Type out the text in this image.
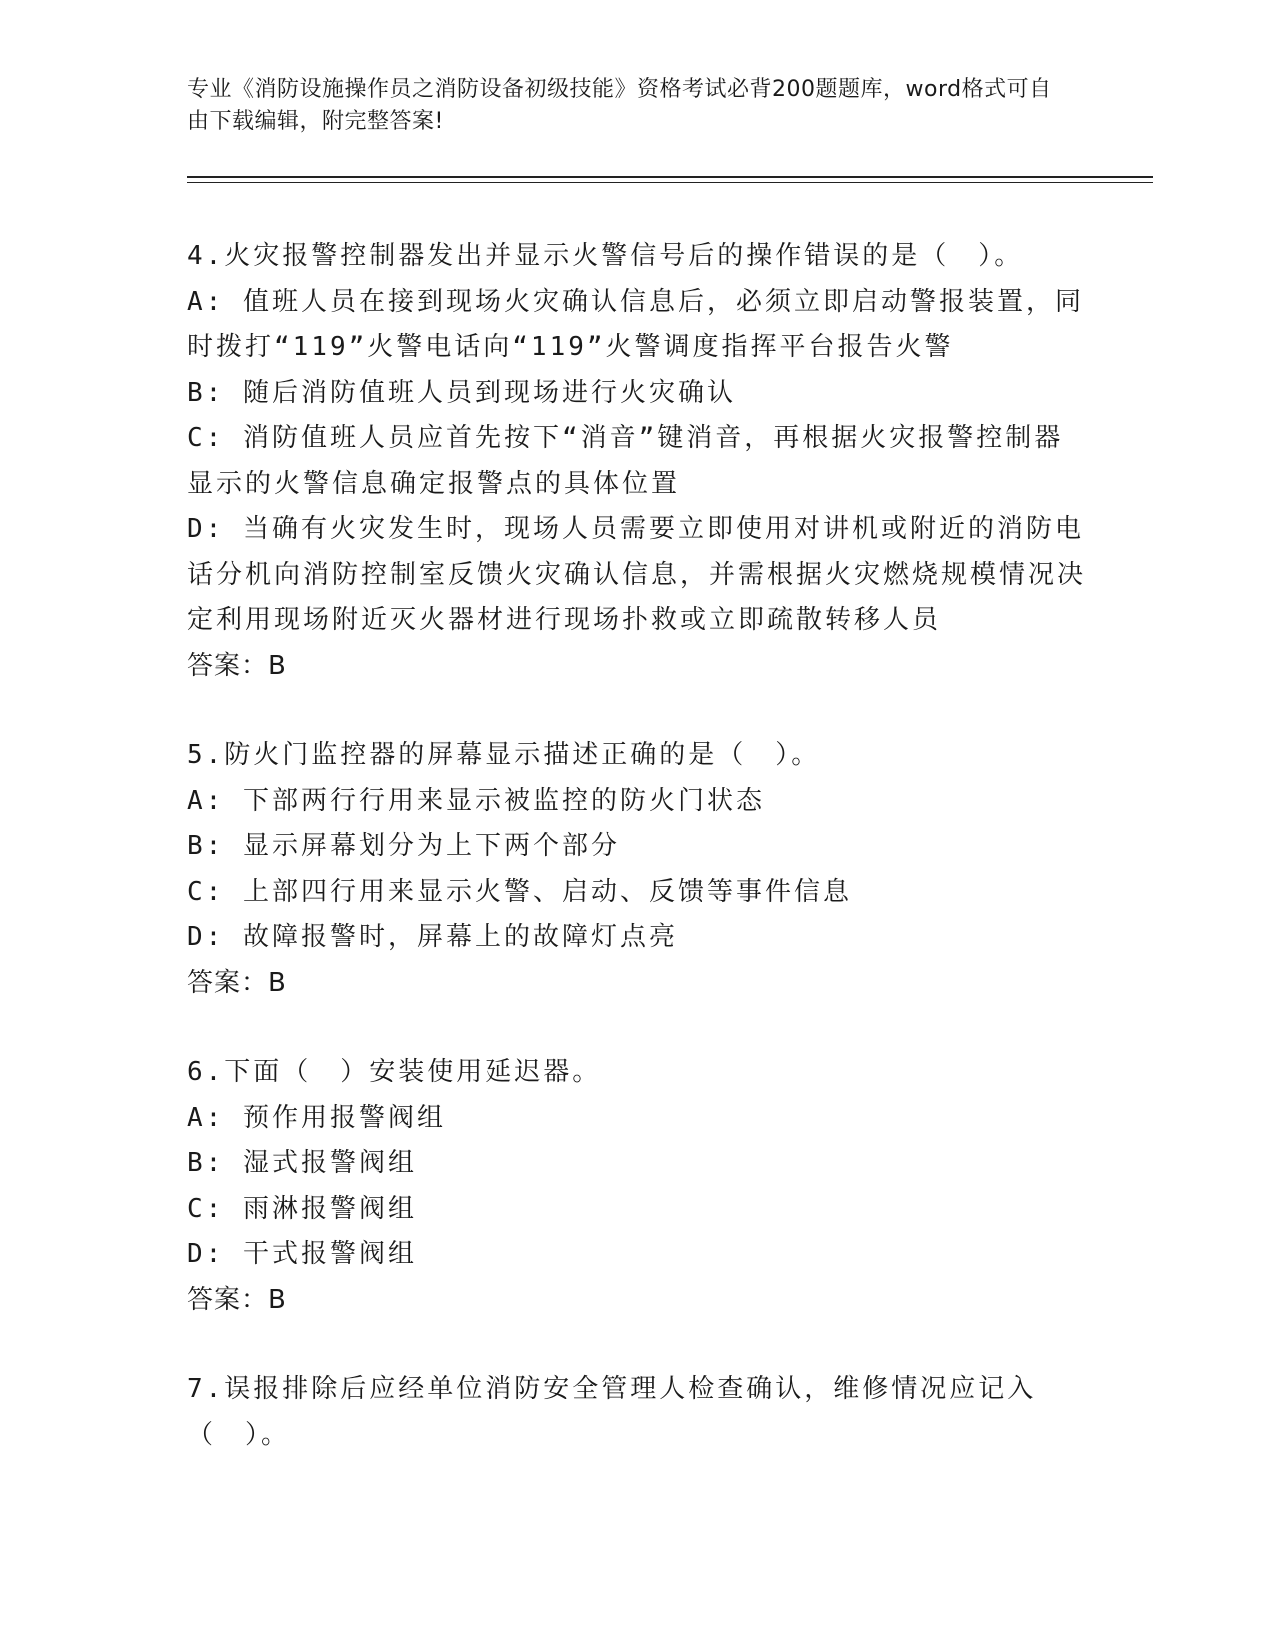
专业《消防设施操作员之消防设备初级技能》资格考试必背200题题库，word格式可自由下载编辑，附完整答案!
4.火灾报警控制器发出并显示火警信号后的操作错误的是（　）。
A: 值班人员在接到现场火灾确认信息后，必须立即启动警报装置，同时拨打“119”火警电话向“119”火警调度指挥平台报告火警
B: 随后消防值班人员到现场进行火灾确认
C: 消防值班人员应首先按下“消音”键消音，再根据火灾报警控制器显示的火警信息确定报警点的具体位置
D: 当确有火灾发生时，现场人员需要立即使用对讲机或附近的消防电话分机向消防控制室反馈火灾确认信息，并需根据火灾燃烧规模情况决定利用现场附近灭火器材进行现场扑救或立即疏散转移人员
答案：B
5.防火门监控器的屏幕显示描述正确的是（　）。
A: 下部两行行用来显示被监控的防火门状态
B: 显示屏幕划分为上下两个部分
C: 上部四行用来显示火警、启动、反馈等事件信息
D: 故障报警时，屏幕上的故障灯点亮
答案：B
6.下面（　）安装使用延迟器。
A: 预作用报警阀组
B: 湿式报警阀组
C: 雨淋报警阀组
D: 干式报警阀组
答案：B
7.误报排除后应经单位消防安全管理人检查确认，维修情况应记入（　）。
